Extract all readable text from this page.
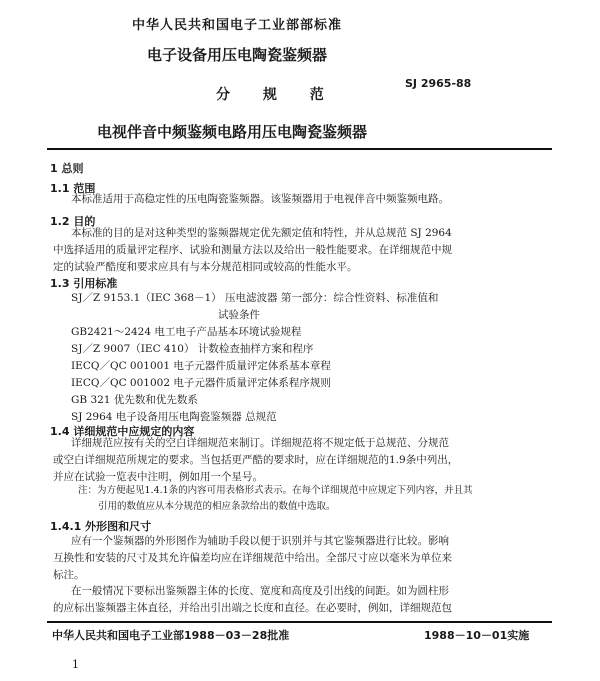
中华人民共和国电子工业部部标准
电子设备用压电陶瓷鉴频器
SJ 2965-88
分 规 范
电视伴音中频鉴频电路用压电陶瓷鉴频器
1 总则
1.1 范围
本标准适用于高稳定性的压电陶瓷鉴频器。该鉴频器用于电视伴音中频鉴频电路。
1.2 目的
本标准的目的是对这种类型的鉴频器规定优先额定值和特性，并从总规范 SJ 2964
中选择适用的质量评定程序、试验和测量方法以及给出一般性能要求。在详细规范中规
定的试验严酷度和要求应具有与本分规范相同或较高的性能水平。
1.3 引用标准
SJ／Z 9153.1（IEC 368－1） 压电滤波器 第一部分：综合性资料、标准值和
试验条件
GB2421～2424 电工电子产品基本环境试验规程
SJ／Z 9007（IEC 410） 计数检查抽样方案和程序
IECQ／QC 001001 电子元器件质量评定体系基本章程
IECQ／QC 001002 电子元器件质量评定体系程序规则
GB 321 优先数和优先数系
SJ 2964 电子设备用压电陶瓷鉴频器 总规范
1.4 详细规范中应规定的内容
详细规范应按有关的空白详细规范来制订。详细规范将不规定低于总规范、分规范
或空白详细规范所规定的要求。当包括更严酷的要求时，应在详细规范的1.9条中列出，
并应在试验一览表中注明，例如用一个星号。
注：为方便起见1.4.1条的内容可用表格形式表示。在每个详细规范中应规定下列内容，并且其
引用的数值应从本分规范的相应条款给出的数值中选取。
1.4.1 外形图和尺寸
应有一个鉴频器的外形图作为辅助手段以便于识别并与其它鉴频器进行比较。影响
互换性和安装的尺寸及其允许偏差均应在详细规范中给出。全部尺寸应以毫米为单位来
标注。
在一般情况下要标出鉴频器主体的长度、宽度和高度及引出线的间距。如为圆柱形
的应标出鉴频器主体直径，并给出引出端之长度和直径。在必要时，例如，详细规范包
中华人民共和国电子工业部1988－03－28批准	1988－10－01实施
1
